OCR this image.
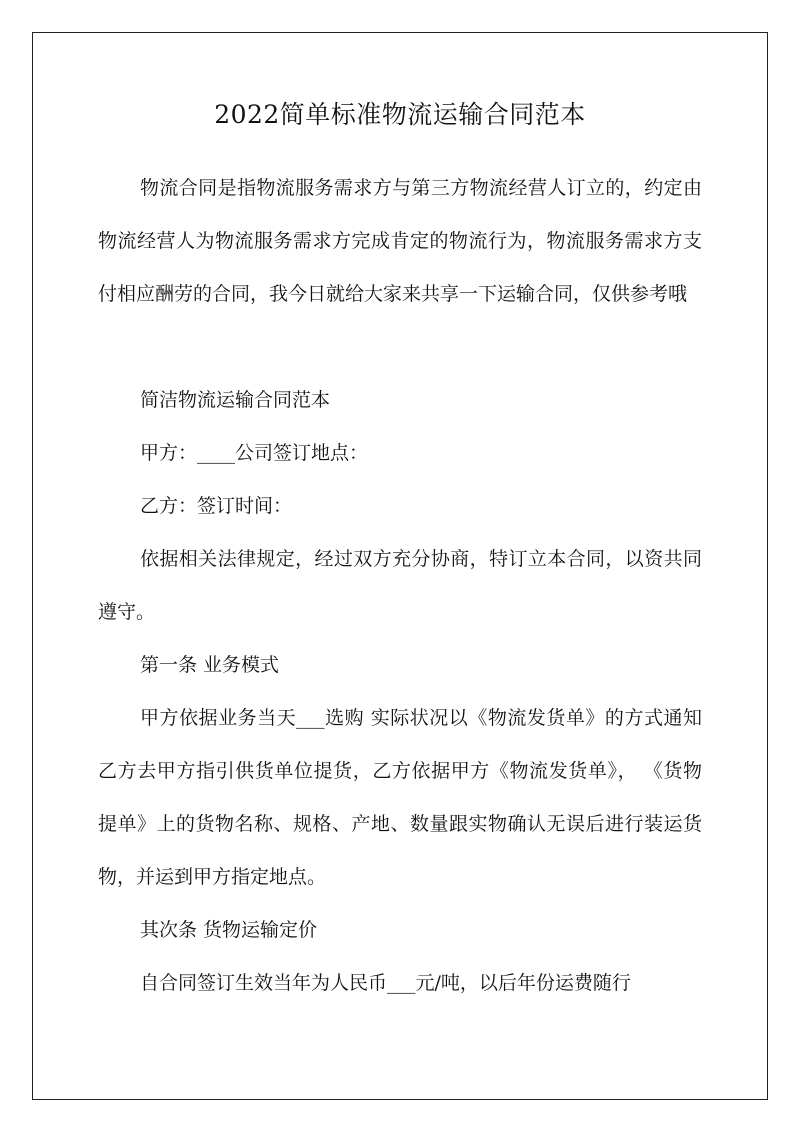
2022简单标准物流运输合同范本

物流合同是指物流服务需求方与第三方物流经营人订立的，约定由物流经营人为物流服务需求方完成肯定的物流行为，物流服务需求方支付相应酬劳的合同，我今日就给大家来共享一下运输合同，仅供参考哦

简洁物流运输合同范本

甲方：____公司签订地点：

乙方：签订时间：

依据相关法律规定，经过双方充分协商，特订立本合同，以资共同遵守。

第一条 业务模式

甲方依据业务当天___选购 实际状况以《物流发货单》的方式通知乙方去甲方指引供货单位提货，乙方依据甲方《物流发货单》， 《货物提单》上的货物名称、规格、产地、数量跟实物确认无误后进行装运货物，并运到甲方指定地点。

其次条 货物运输定价

自合同签订生效当年为人民币___元/吨，以后年份运费随行
